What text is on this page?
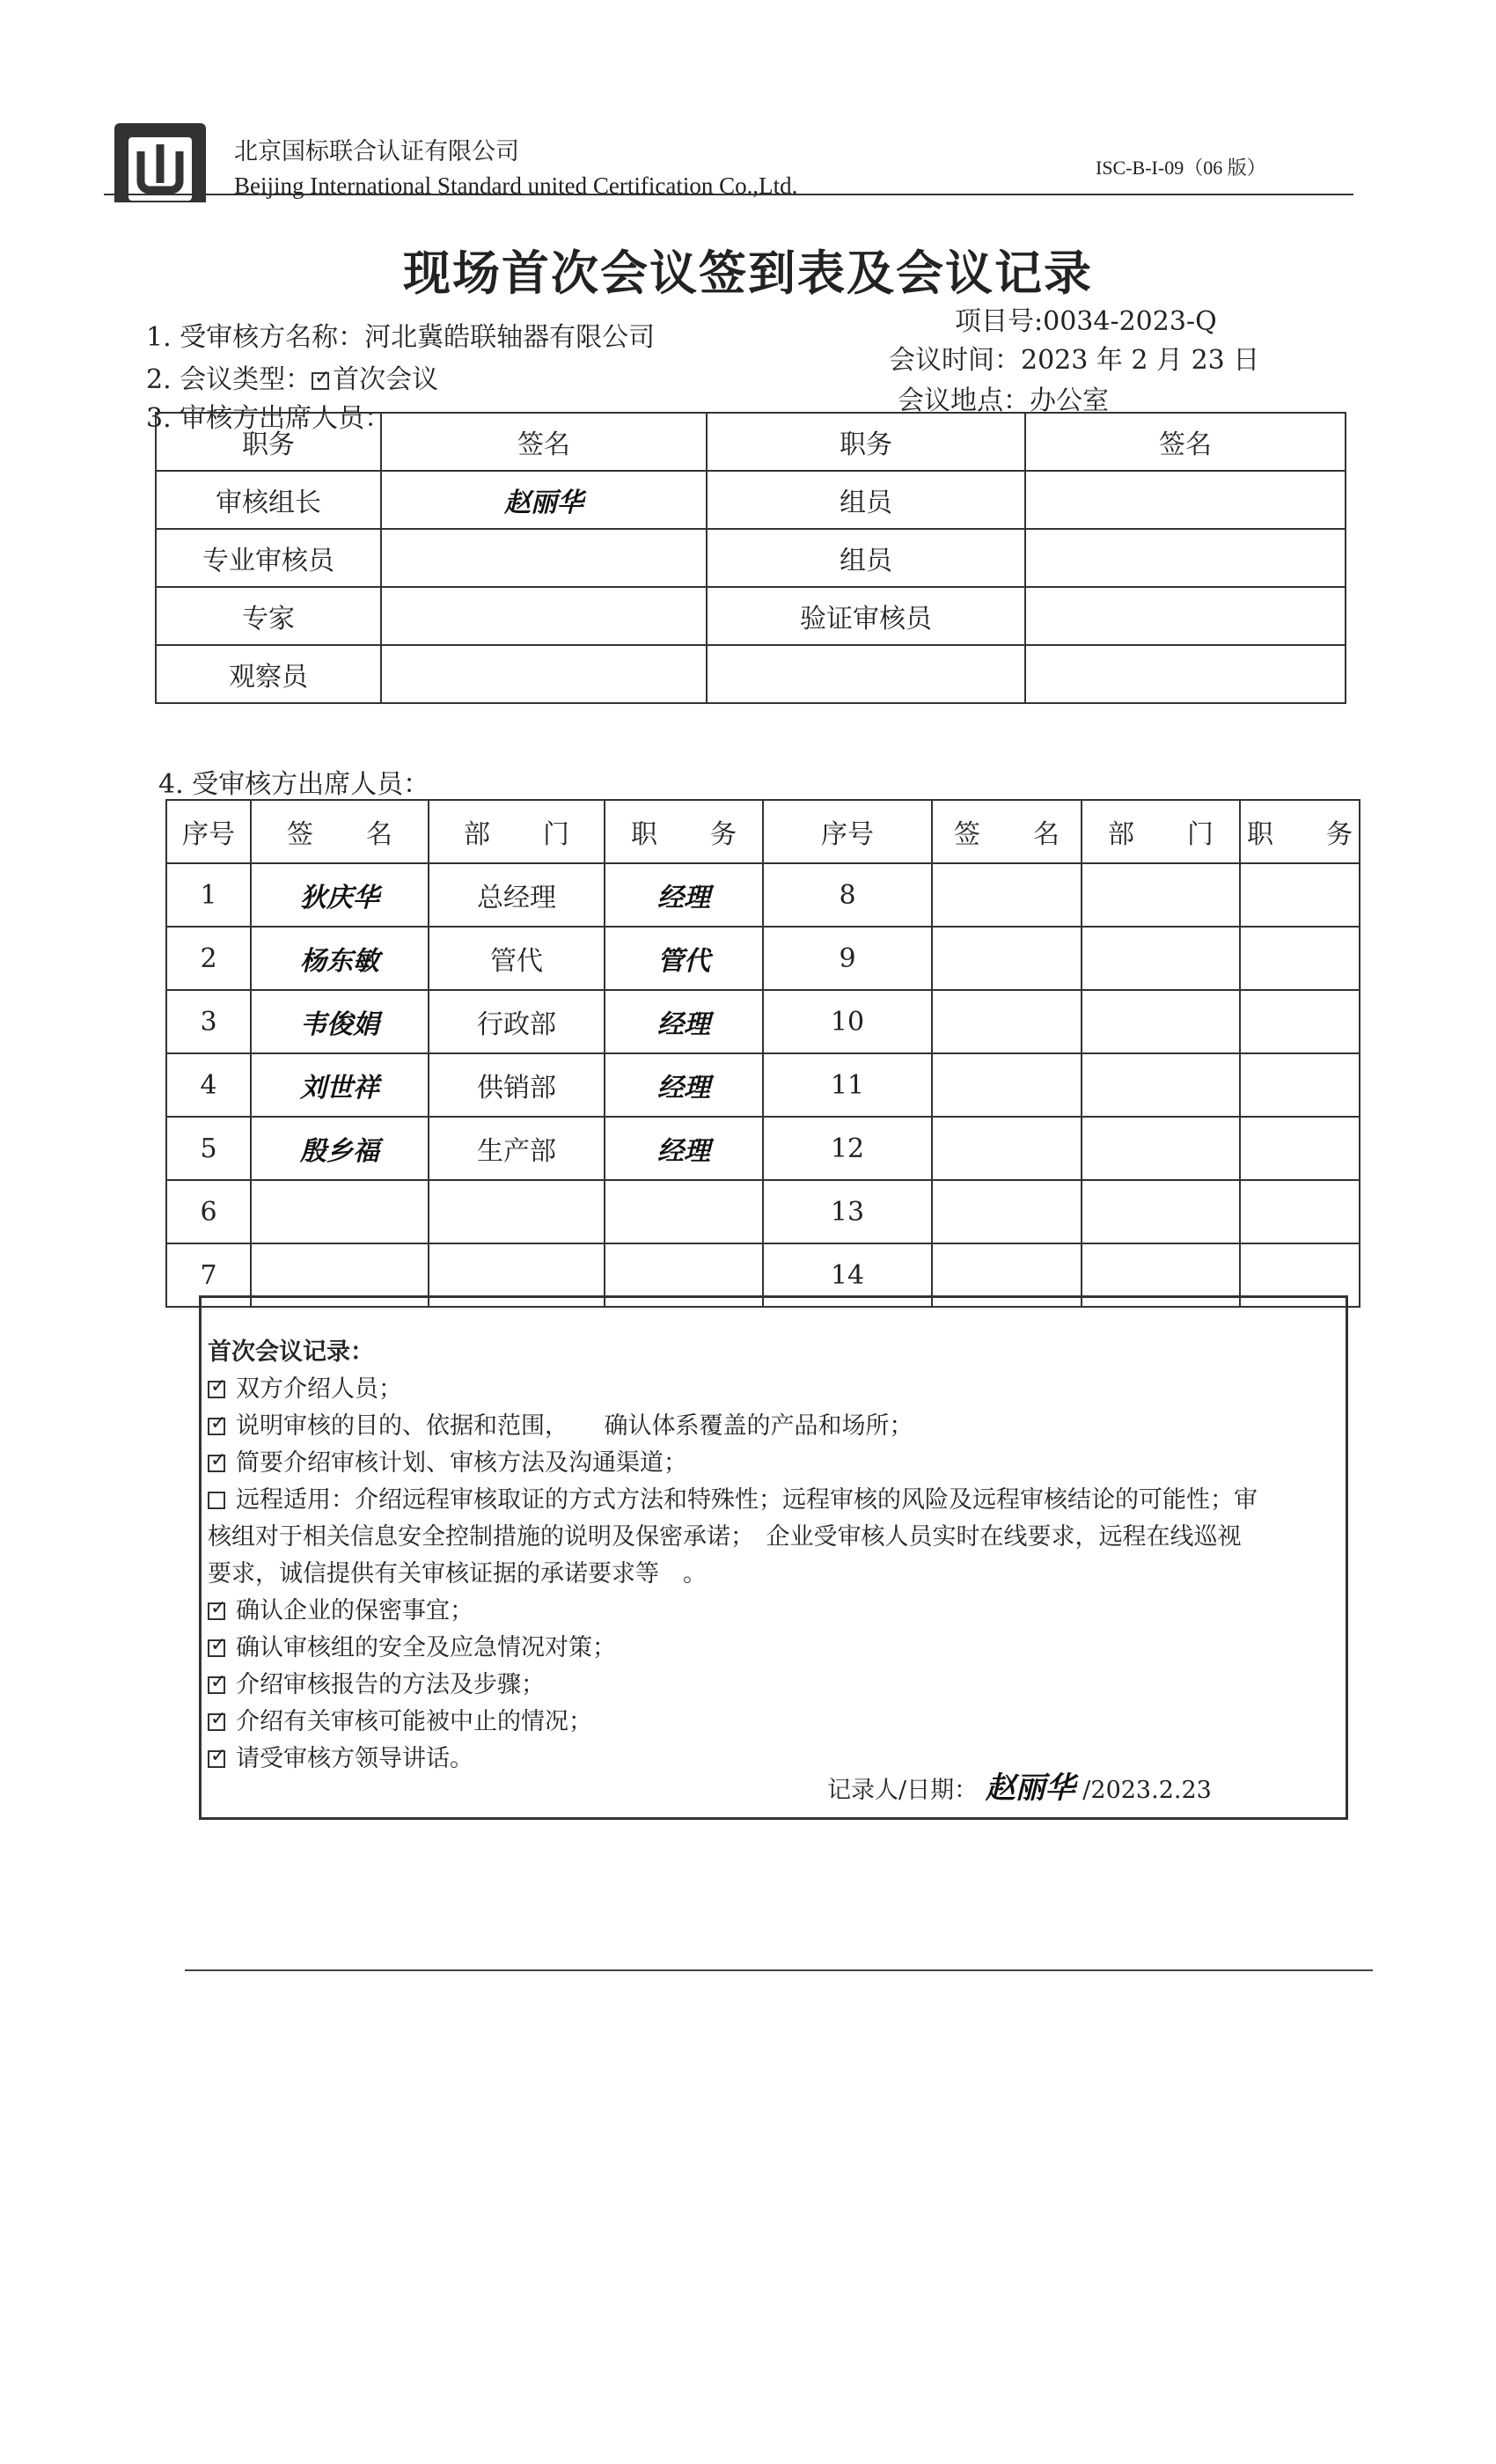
北京国标联合认证有限公司
Beijing International Standard united Certification Co.,Ltd.
ISC-B-I-09（06 版）
现场首次会议签到表及会议记录
项目号:0034-2023-Q
1. 受审核方名称：河北冀皓联轴器有限公司
会议时间：2023 年 2 月 23 日
2. 会议类型： ✓ 首次会议
会议地点：办公室
3. 审核方出席人员：
职务	签名	职务	签名
审核组长	赵丽华	组员	
专业审核员		组员	
专家		验证审核员	
观察员			
4. 受审核方出席人员：
序号	签　　名	部　　门	职　　务	序号	签　　名	部　　门	职　　务
1	狄庆华	总经理	经理	8			
2	杨东敏	管代	管代	9			
3	韦俊娟	行政部	经理	10			
4	刘世祥	供销部	经理	11			
5	殷乡福	生产部	经理	12			
6				13			
7				14			
首次会议记录：
✓双方介绍人员；
✓说明审核的目的、依据和范围，　　确认体系覆盖的产品和场所；
✓简要介绍审核计划、审核方法及沟通渠道；
远程适用：介绍远程审核取证的方式方法和特殊性；远程审核的风险及远程审核结论的可能性；审
核组对于相关信息安全控制措施的说明及保密承诺；　企业受审核人员实时在线要求，远程在线巡视
要求，诚信提供有关审核证据的承诺要求等　。
✓确认企业的保密事宜；
✓确认审核组的安全及应急情况对策；
✓介绍审核报告的方法及步骤；
✓介绍有关审核可能被中止的情况；
✓请受审核方领导讲话。
记录人/日期： 赵丽华 /2023.2.23
